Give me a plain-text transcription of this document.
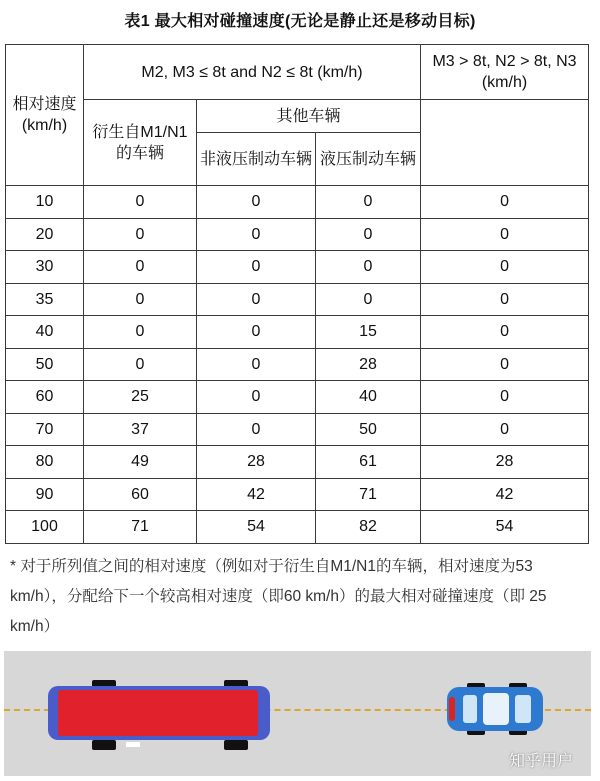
表1 最大相对碰撞速度(无论是静止还是移动目标)
相对速度(km/h)	M2, M3 ≤ 8t and N2 ≤ 8t (km/h)			M3 > 8t, N2 > 8t, N3 (km/h)
	衍生自M1/N1的车辆	其他车辆		
		非液压制动车辆	液压制动车辆	
10	0	0	0	0
20	0	0	0	0
30	0	0	0	0
35	0	0	0	0
40	0	0	15	0
50	0	0	28	0
60	25	0	40	0
70	37	0	50	0
80	49	28	61	28
90	60	42	71	42
100	71	54	82	54
* 对于所列值之间的相对速度（例如对于衍生自M1/N1的车辆，相对速度为53 km/h），分配给下一个较高相对速度（即60 km/h）的最大相对碰撞速度（即 25 km/h）
知乎用户
